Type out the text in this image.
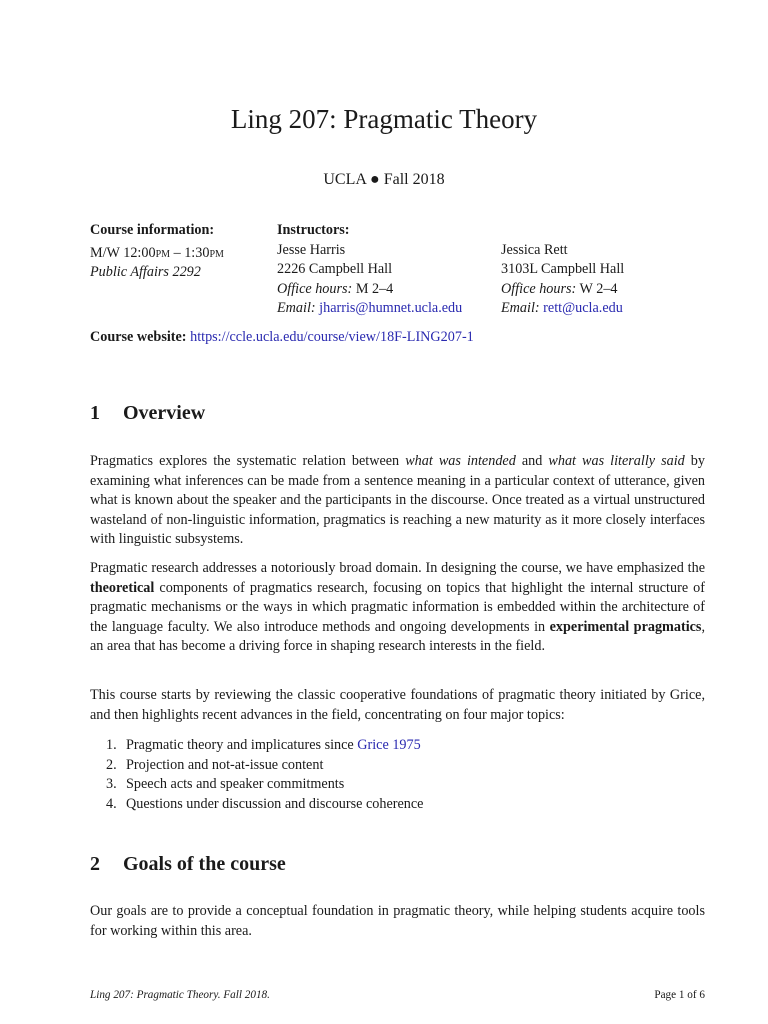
Ling 207: Pragmatic Theory
UCLA ● Fall 2018
Course information:
M/W 12:00pm – 1:30pm
Public Affairs 2292
Instructors:
Jesse Harris
2226 Campbell Hall
Office hours: M 2–4
Email: jharris@humnet.ucla.edu
Jessica Rett
3103L Campbell Hall
Office hours: W 2–4
Email: rett@ucla.edu
Course website: https://ccle.ucla.edu/course/view/18F-LING207-1
1 Overview

Pragmatics explores the systematic relation between what was intended and what was literally said by examining what inferences can be made from a sentence meaning in a particular context of utterance, given what is known about the speaker and the participants in the discourse. Once treated as a virtual unstructured wasteland of non-linguistic information, pragmatics is reaching a new maturity as it more closely interfaces with linguistic subsystems.

Pragmatic research addresses a notoriously broad domain. In designing the course, we have emphasized the theoretical components of pragmatics research, focusing on topics that highlight the internal structure of pragmatic mechanisms or the ways in which pragmatic information is embedded within the architecture of the language faculty. We also introduce methods and ongoing developments in experimental pragmatics, an area that has become a driving force in shaping research interests in the field.

This course starts by reviewing the classic cooperative foundations of pragmatic theory initiated by Grice, and then highlights recent advances in the field, concentrating on four major topics:
1. Pragmatic theory and implicatures since Grice 1975
2. Projection and not-at-issue content
3. Speech acts and speaker commitments
4. Questions under discussion and discourse coherence
2 Goals of the course
Our goals are to provide a conceptual foundation in pragmatic theory, while helping students acquire tools for working within this area.
Ling 207: Pragmatic Theory. Fall 2018.	Page 1 of 6
